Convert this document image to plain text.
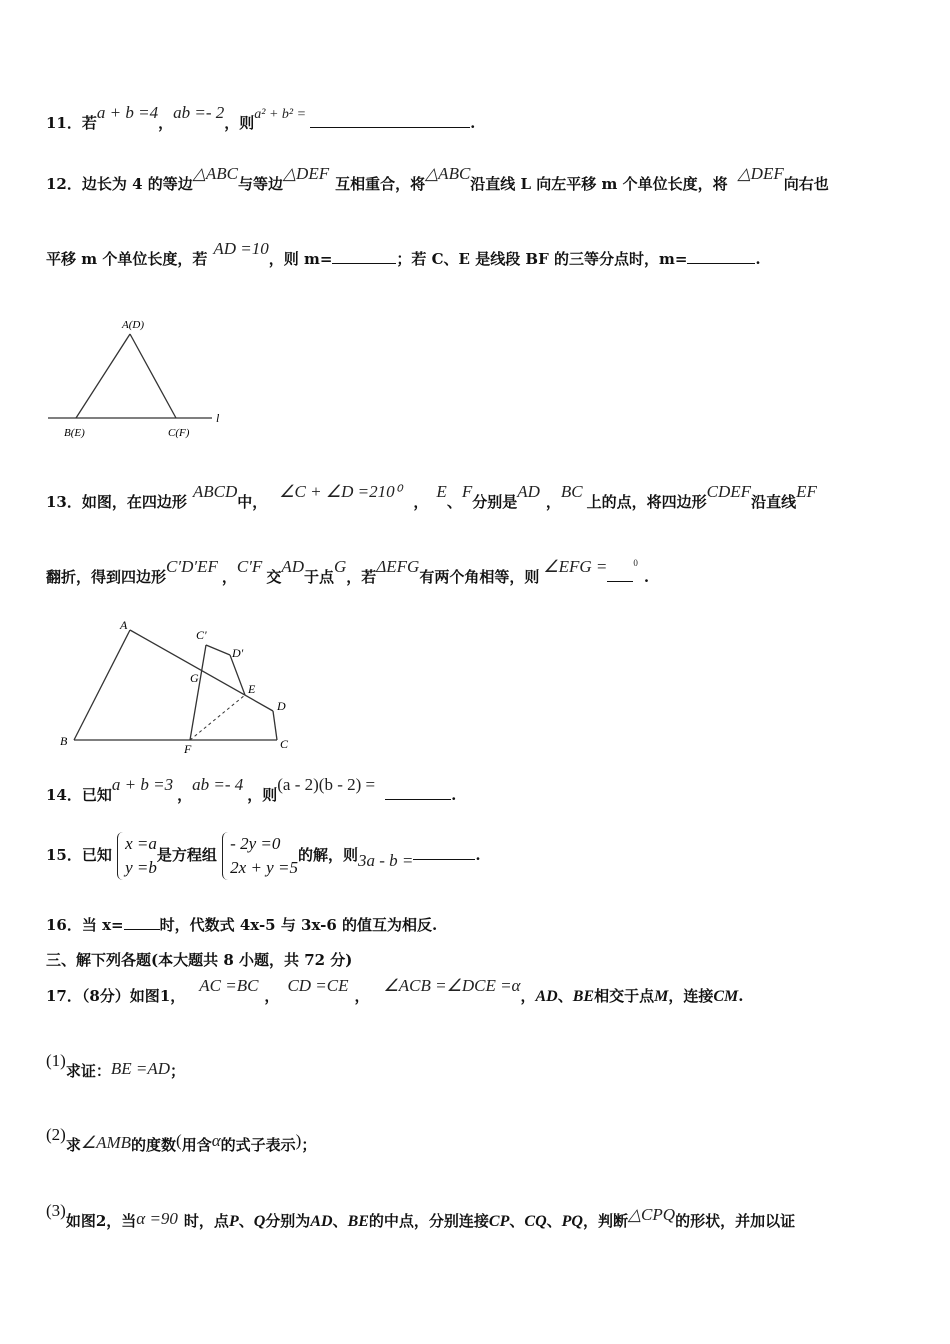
11．若a + b =4，ab =- 2，则a² + b² =	.
12．边长为 4 的等边△ABC与等边△DEF互相重合，将△ABC沿直线 L 向左平移 m 个单位长度，将△DEF向右也
平移 m 个单位长度，若AD =10，则 m=	；若 C、E 是线段 BF 的三等分点时，m=	.
A(D)
B(E)	C(F)
l
13．如图，在四边形ABCD中，∠C + ∠D =210⁰，E、F分别是AD，BC上的点，将四边形CDEF沿直线EF
翻折，得到四边形C′D′EF，C′F交AD于点G，若ΔEFG有两个角相等，则∠EFG =	$^0$.
A
B	C
D
E
F
G
C'
D'
14．已知a + b =3，ab =- 4，则(a - 2)(b - 2) =.
15．已知
x =a
y =b是方程组
- 2y =0
2x + y =5的解，则3a - b =	.
16．当 x= 时，代数式 4x-5 与 3x-6 的值互为相反.
三、解下列各题(本大题共 8 小题，共 72 分)
17．（8分）如图1，AC =BC，CD =CE，∠ACB =∠DCE =α，AD、BE相交于点M，连接CM.
(1)求证：BE =AD；
(2)求∠AMB的度数(用含α的式子表示)；
(3)如图2，当α =90 时，点P、Q分别为AD、BE的中点，分别连接CP、CQ、PQ，判断△CPQ的形状，并加以证
